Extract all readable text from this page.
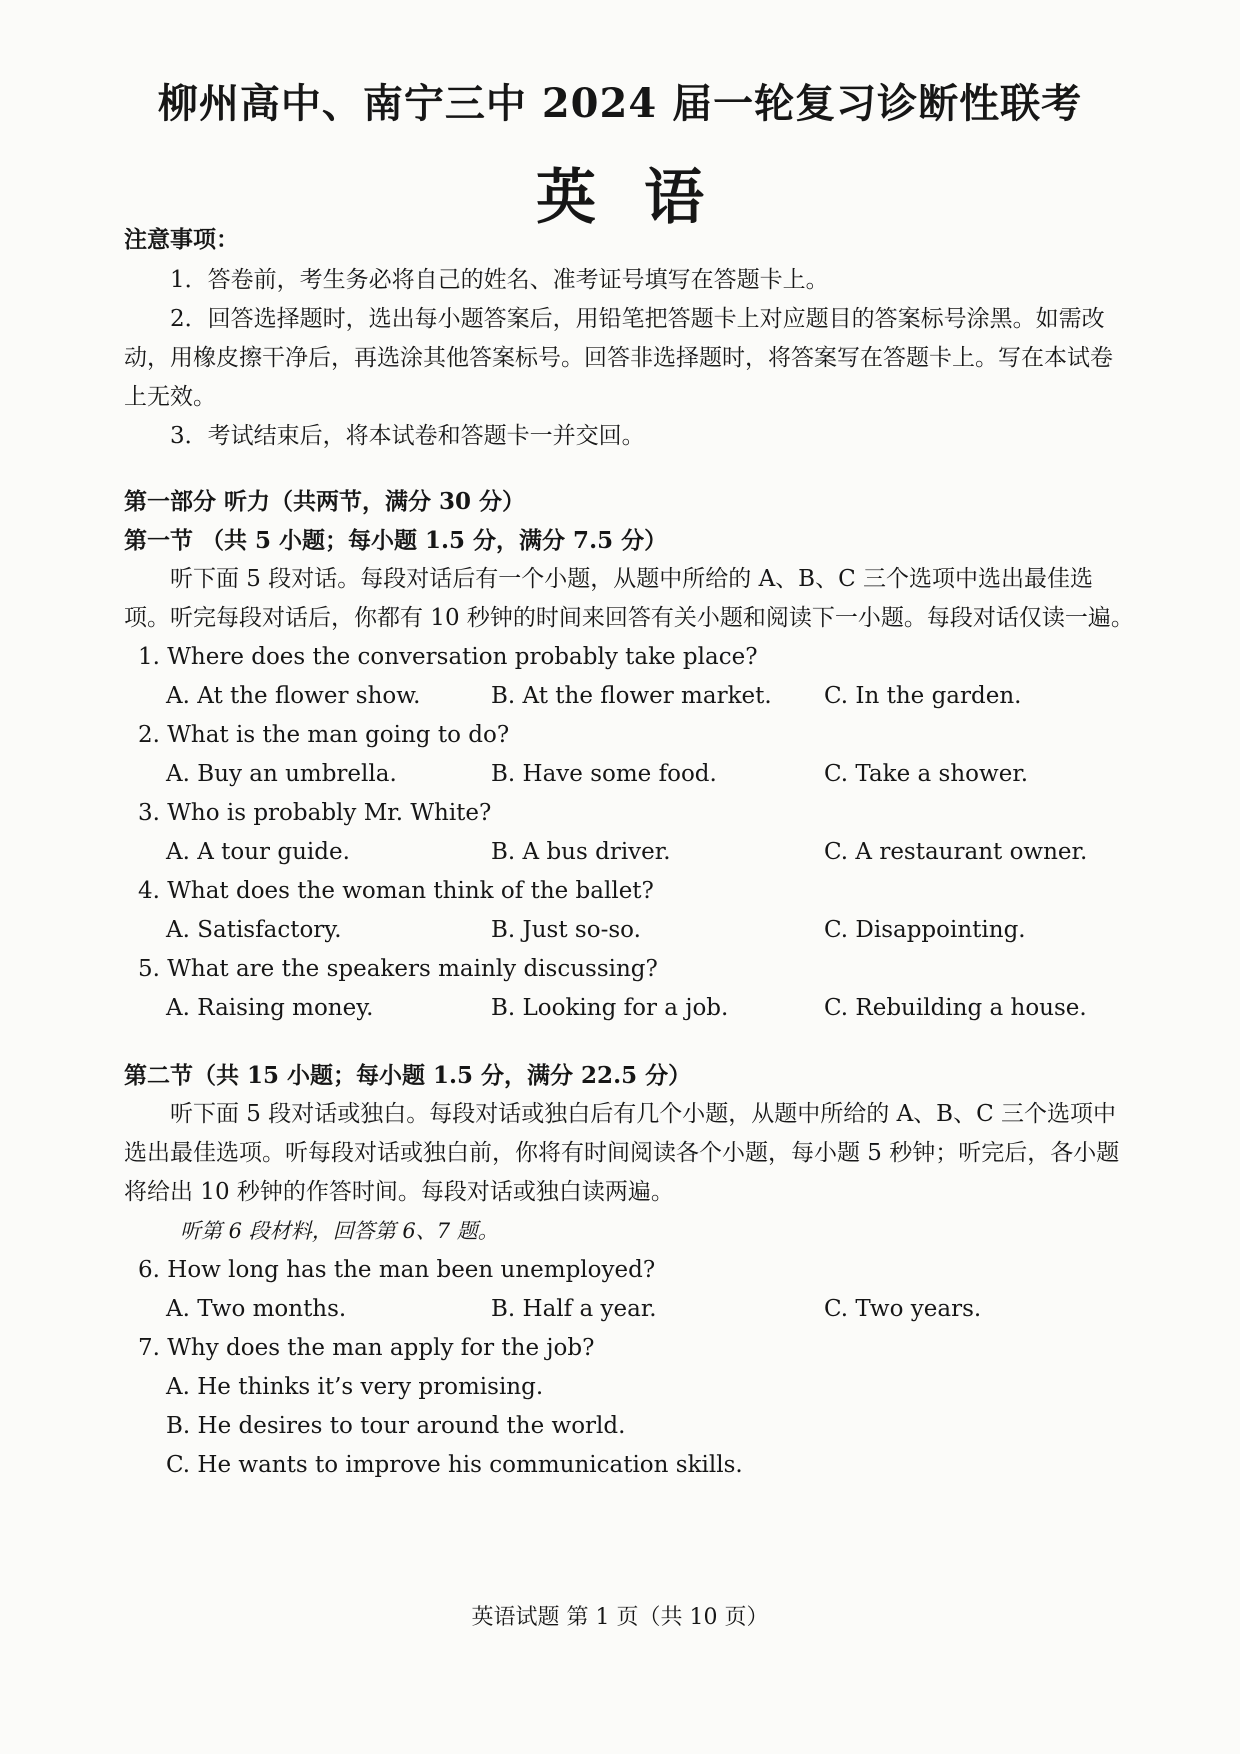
柳州高中、南宁三中 2024 届一轮复习诊断性联考
英语
注意事项：
1．答卷前，考生务必将自己的姓名、准考证号填写在答题卡上。
2．回答选择题时，选出每小题答案后，用铅笔把答题卡上对应题目的答案标号涂黑。如需改动，用橡皮擦干净后，再选涂其他答案标号。回答非选择题时，将答案写在答题卡上。写在本试卷上无效。
3．考试结束后，将本试卷和答题卡一并交回。
第一部分 听力（共两节，满分 30 分）
第一节 （共 5 小题；每小题 1.5 分，满分 7.5 分）
听下面 5 段对话。每段对话后有一个小题，从题中所给的 A、B、C 三个选项中选出最佳选项。听完每段对话后，你都有 10 秒钟的时间来回答有关小题和阅读下一小题。每段对话仅读一遍。
1. Where does the conversation probably take place?
A. At the flower show.	B. At the flower market.	C. In the garden.
2. What is the man going to do?
A. Buy an umbrella.	B. Have some food.	C. Take a shower.
3. Who is probably Mr. White?
A. A tour guide.	B. A bus driver.	C. A restaurant owner.
4. What does the woman think of the ballet?
A. Satisfactory.	B. Just so-so.	C. Disappointing.
5. What are the speakers mainly discussing?
A. Raising money.	B. Looking for a job.	C. Rebuilding a house.
第二节（共 15 小题；每小题 1.5 分，满分 22.5 分）
听下面 5 段对话或独白。每段对话或独白后有几个小题，从题中所给的 A、B、C 三个选项中选出最佳选项。听每段对话或独白前，你将有时间阅读各个小题，每小题 5 秒钟；听完后，各小题将给出 10 秒钟的作答时间。每段对话或独白读两遍。
听第 6 段材料，回答第 6、7 题。
6. How long has the man been unemployed?
A. Two months.	B. Half a year.	C. Two years.
7. Why does the man apply for the job?
A. He thinks it’s very promising.
B. He desires to tour around the world.
C. He wants to improve his communication skills.
英语试题 第 1 页（共 10 页）
